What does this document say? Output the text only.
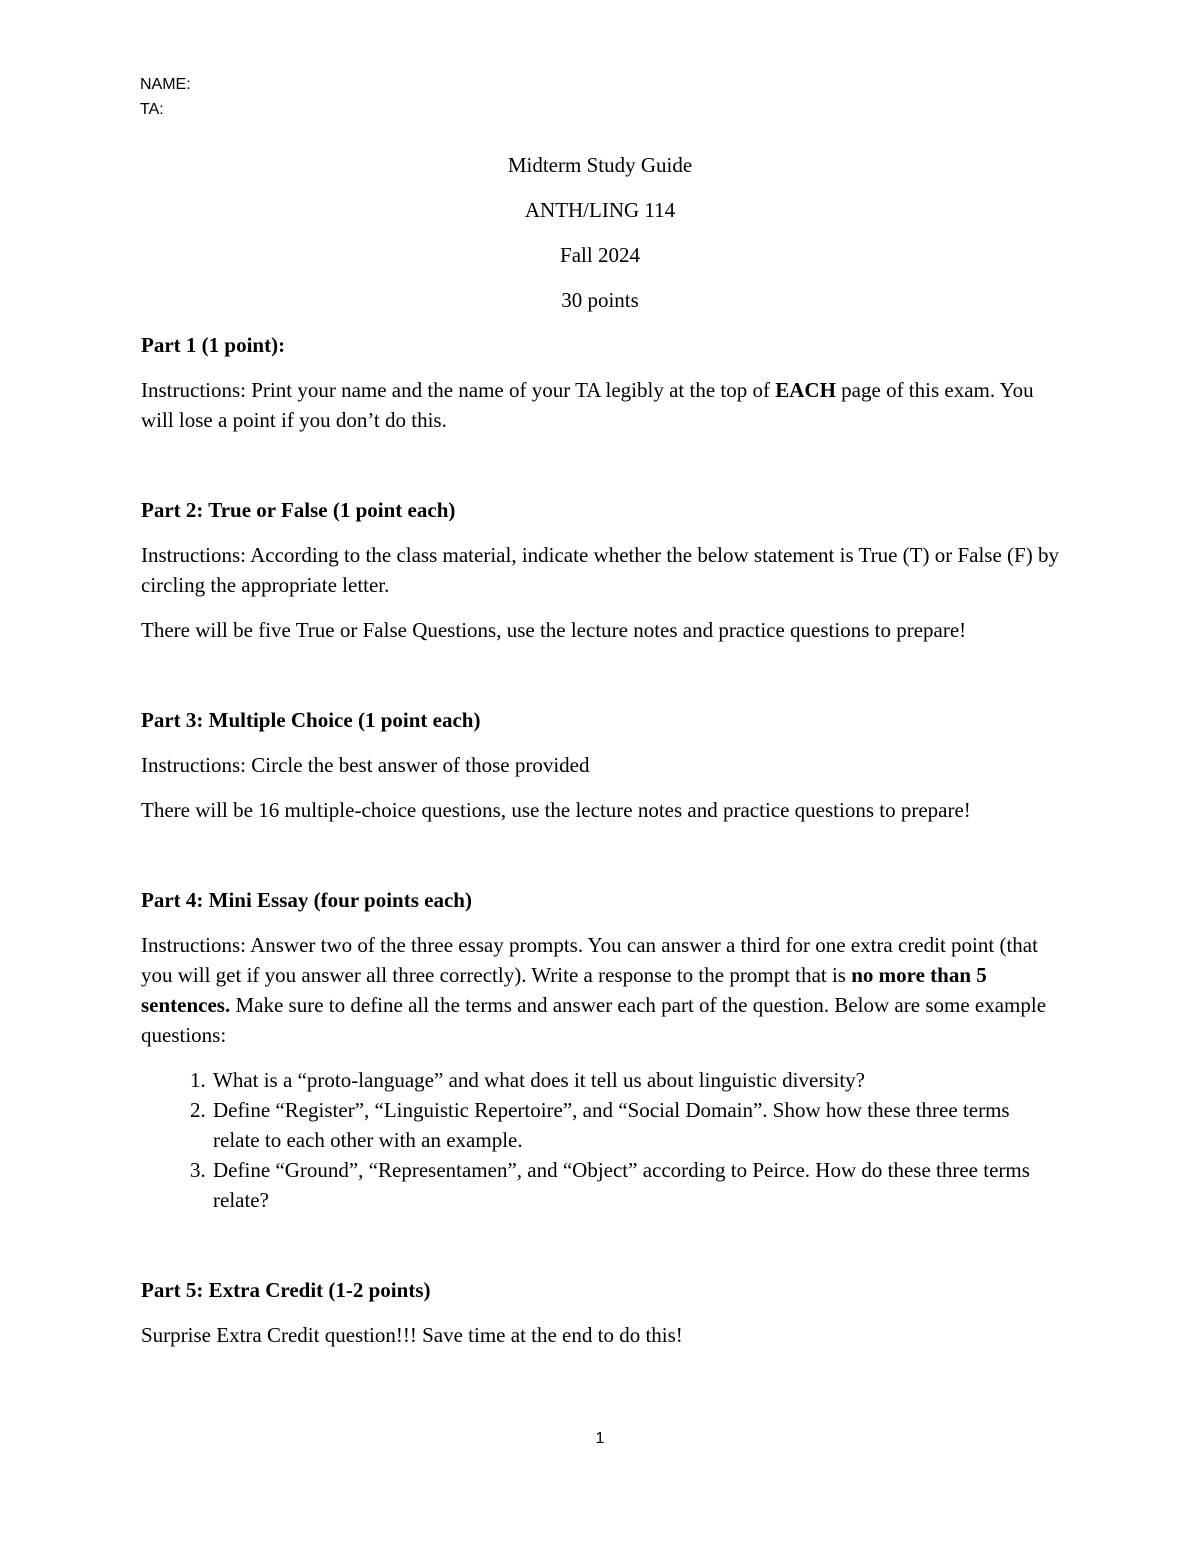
NAME:
TA:
Midterm Study Guide
ANTH/LING 114
Fall 2024
30 points

Part 1 (1 point):

Instructions: Print your name and the name of your TA legibly at the top of EACH page of this exam. You will lose a point if you don’t do this.

Part 2: True or False (1 point each)

Instructions: According to the class material, indicate whether the below statement is True (T) or False (F) by circling the appropriate letter.

There will be five True or False Questions, use the lecture notes and practice questions to prepare!

Part 3: Multiple Choice (1 point each)

Instructions: Circle the best answer of those provided

There will be 16 multiple-choice questions, use the lecture notes and practice questions to prepare!

Part 4: Mini Essay (four points each)

Instructions: Answer two of the three essay prompts. You can answer a third for one extra credit point (that you will get if you answer all three correctly). Write a response to the prompt that is no more than 5 sentences. Make sure to define all the terms and answer each part of the question. Below are some example questions:

1. What is a “proto-language” and what does it tell us about linguistic diversity?
2. Define “Register”, “Linguistic Repertoire”, and “Social Domain”. Show how these three terms relate to each other with an example.
3. Define “Ground”, “Representamen”, and “Object” according to Peirce. How do these three terms relate?

Part 5: Extra Credit (1-2 points)

Surprise Extra Credit question!!! Save time at the end to do this!

1
